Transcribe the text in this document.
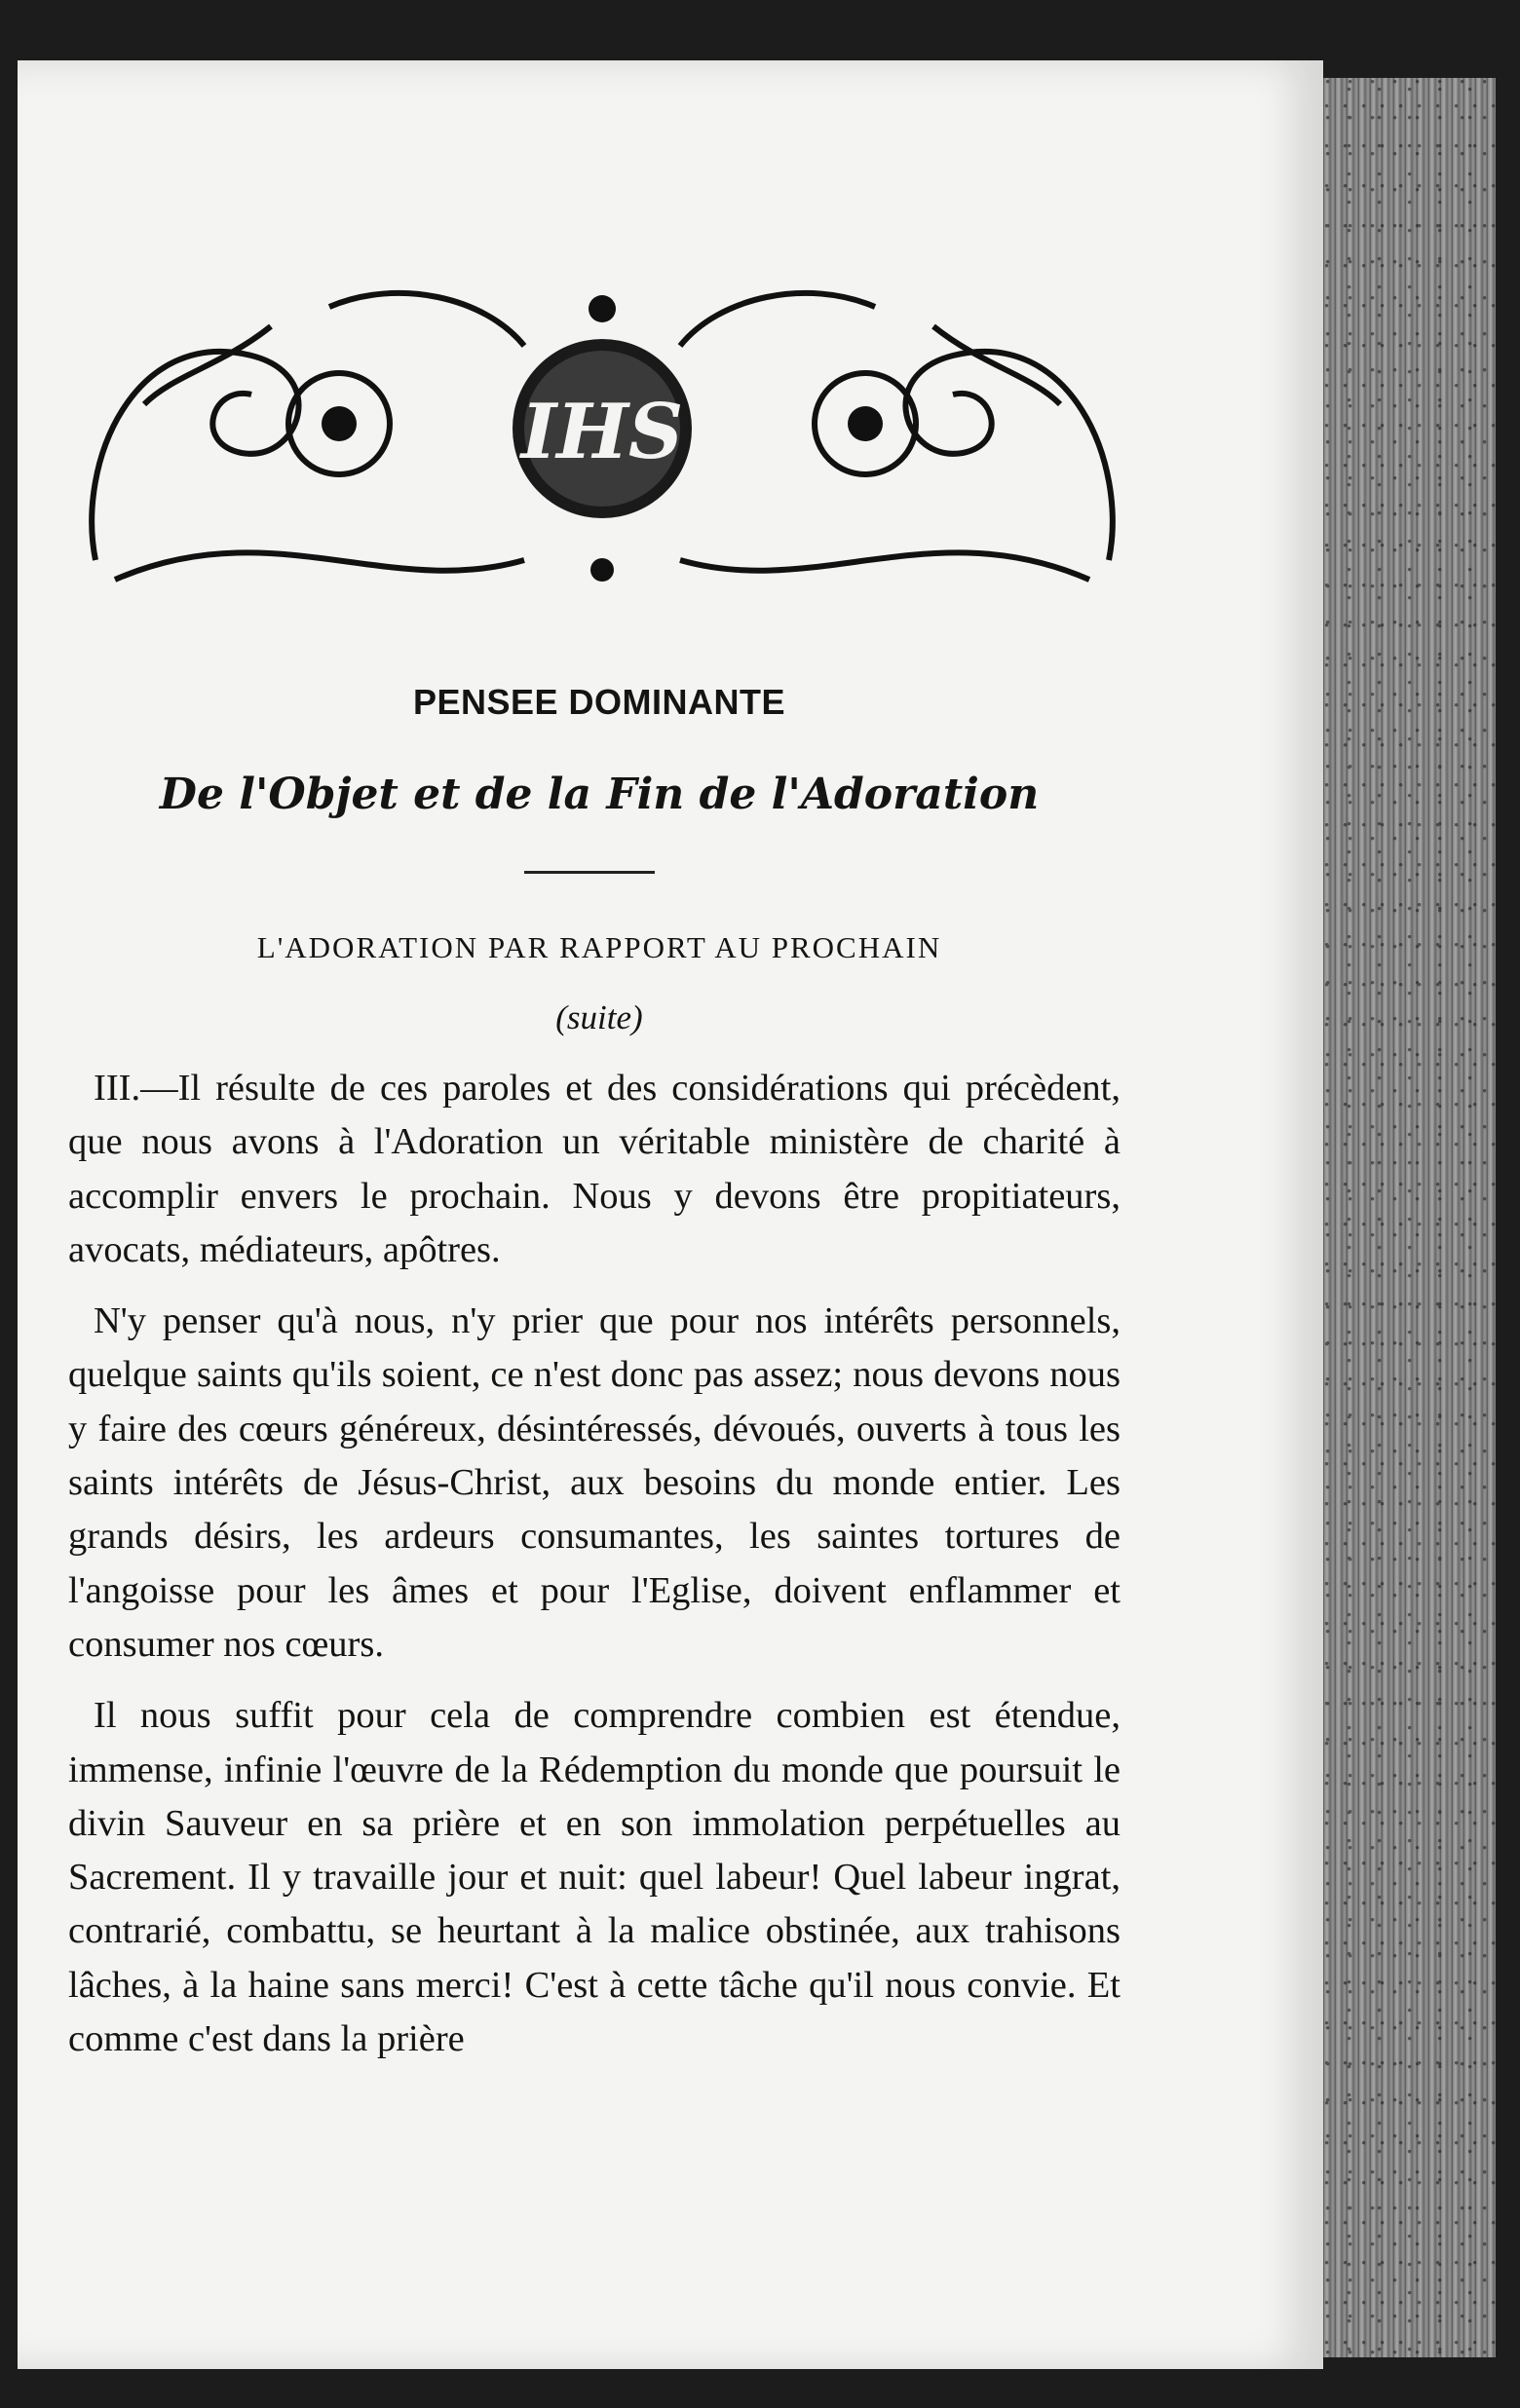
IHS
PENSEE DOMINANTE
De l'Objet et de la Fin de l'Adoration
L'ADORATION PAR RAPPORT AU PROCHAIN
(suite)

III.—Il résulte de ces paroles et des considérations qui précèdent, que nous avons à l'Adoration un véritable ministère de charité à accomplir envers le prochain. Nous y devons être propitiateurs, avocats, médiateurs, apôtres.

N'y penser qu'à nous, n'y prier que pour nos intérêts personnels, quelque saints qu'ils soient, ce n'est donc pas assez; nous devons nous y faire des cœurs généreux, désintéressés, dévoués, ouverts à tous les saints intérêts de Jésus-Christ, aux besoins du monde entier. Les grands désirs, les ardeurs consumantes, les saintes tortures de l'angoisse pour les âmes et pour l'Eglise, doivent enflammer et consumer nos cœurs.

Il nous suffit pour cela de comprendre combien est étendue, immense, infinie l'œuvre de la Rédemption du monde que poursuit le divin Sauveur en sa prière et en son immolation perpétuelles au Sacrement. Il y travaille jour et nuit: quel labeur! Quel labeur ingrat, contrarié, combattu, se heurtant à la malice obstinée, aux trahisons lâches, à la haine sans merci! C'est à cette tâche qu'il nous convie. Et comme c'est dans la prière
